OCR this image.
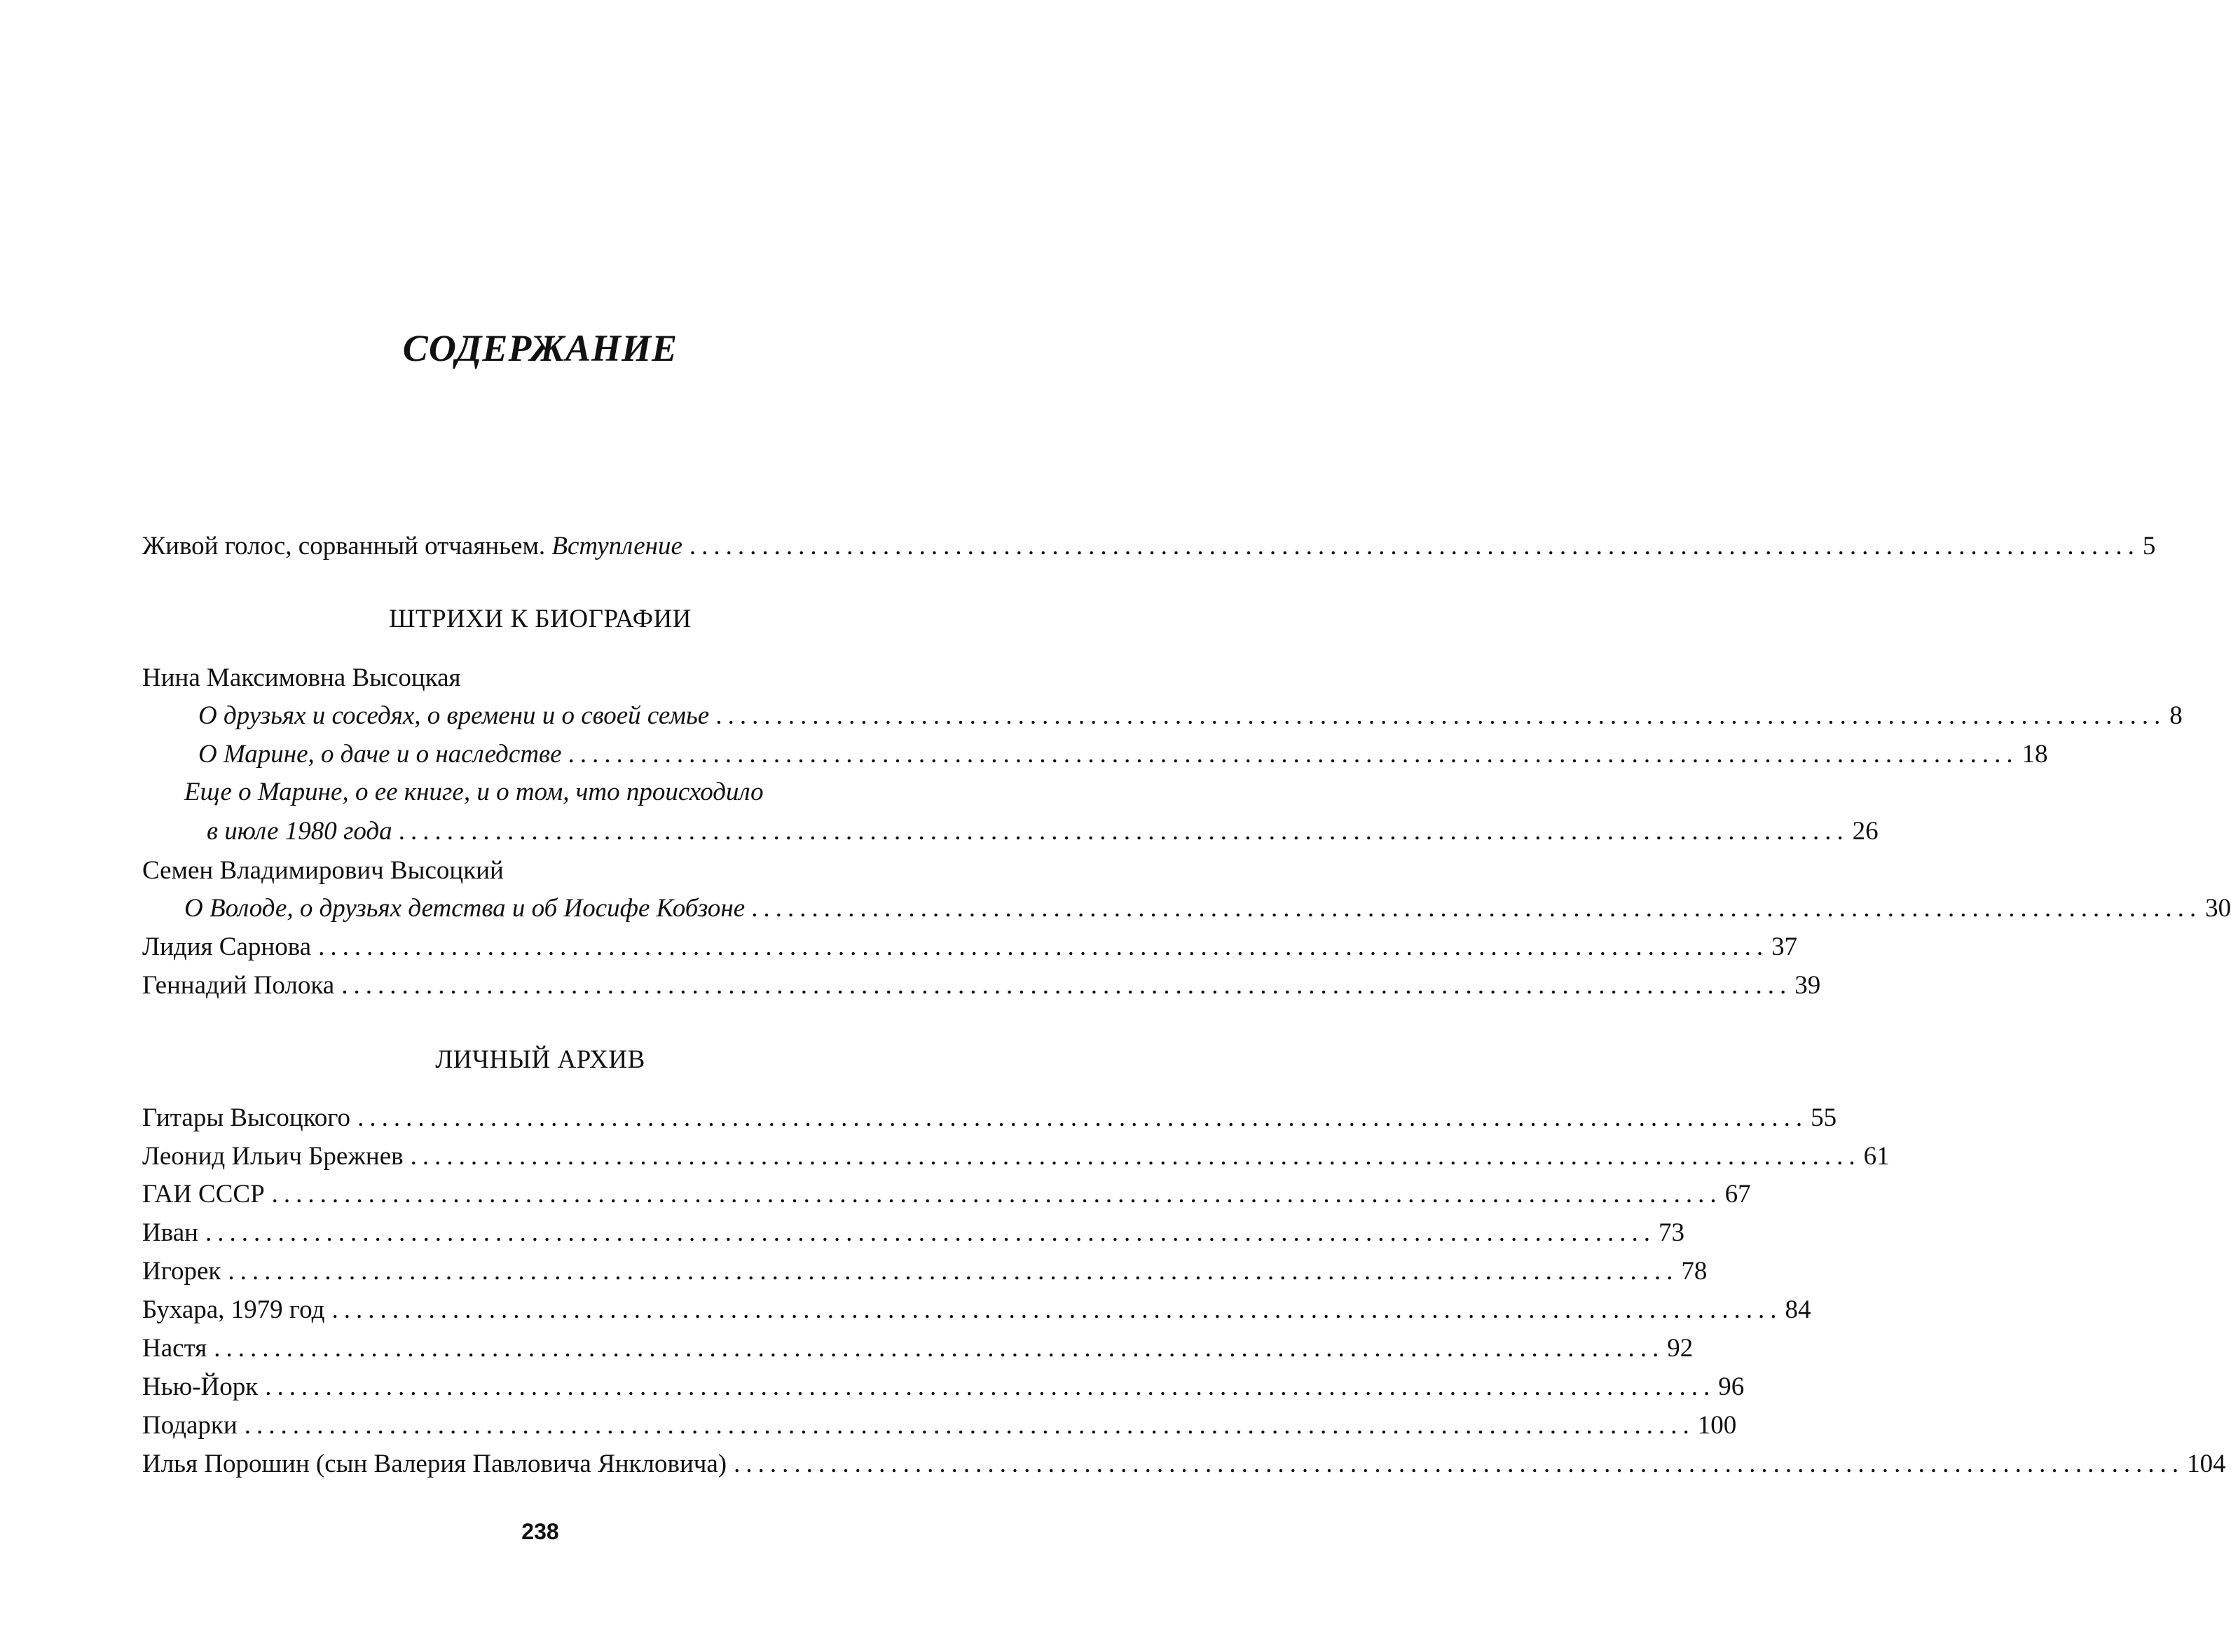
СОДЕРЖАНИЕ
Живой голос, сорванный отчаяньем. Вступление ........................................................................................................................ 5
ШТРИХИ К БИОГРАФИИ
Нина Максимовна Высоцкая
О друзьях и соседях, о времени и о своей семье ........................................................................................................................ 8
О Марине, о даче и о наследстве ........................................................................................................................ 18
Еще о Марине, о ее книге, и о том, что происходило
в июле 1980 года ........................................................................................................................ 26
Семен Владимирович Высоцкий
О Володе, о друзьях детства и об Иосифе Кобзоне ........................................................................................................................ 30
Лидия Сарнова ........................................................................................................................ 37
Геннадий Полока ........................................................................................................................ 39
ЛИЧНЫЙ АРХИВ
Гитары Высоцкого ........................................................................................................................ 55
Леонид Ильич Брежнев ........................................................................................................................ 61
ГАИ СССР ........................................................................................................................ 67
Иван ........................................................................................................................ 73
Игорек ........................................................................................................................ 78
Бухара, 1979 год ........................................................................................................................ 84
Настя ........................................................................................................................ 92
Нью-Йорк ........................................................................................................................ 96
Подарки ........................................................................................................................ 100
Илья Порошин (сын Валерия Павловича Янкловича) ........................................................................................................................ 104
238
